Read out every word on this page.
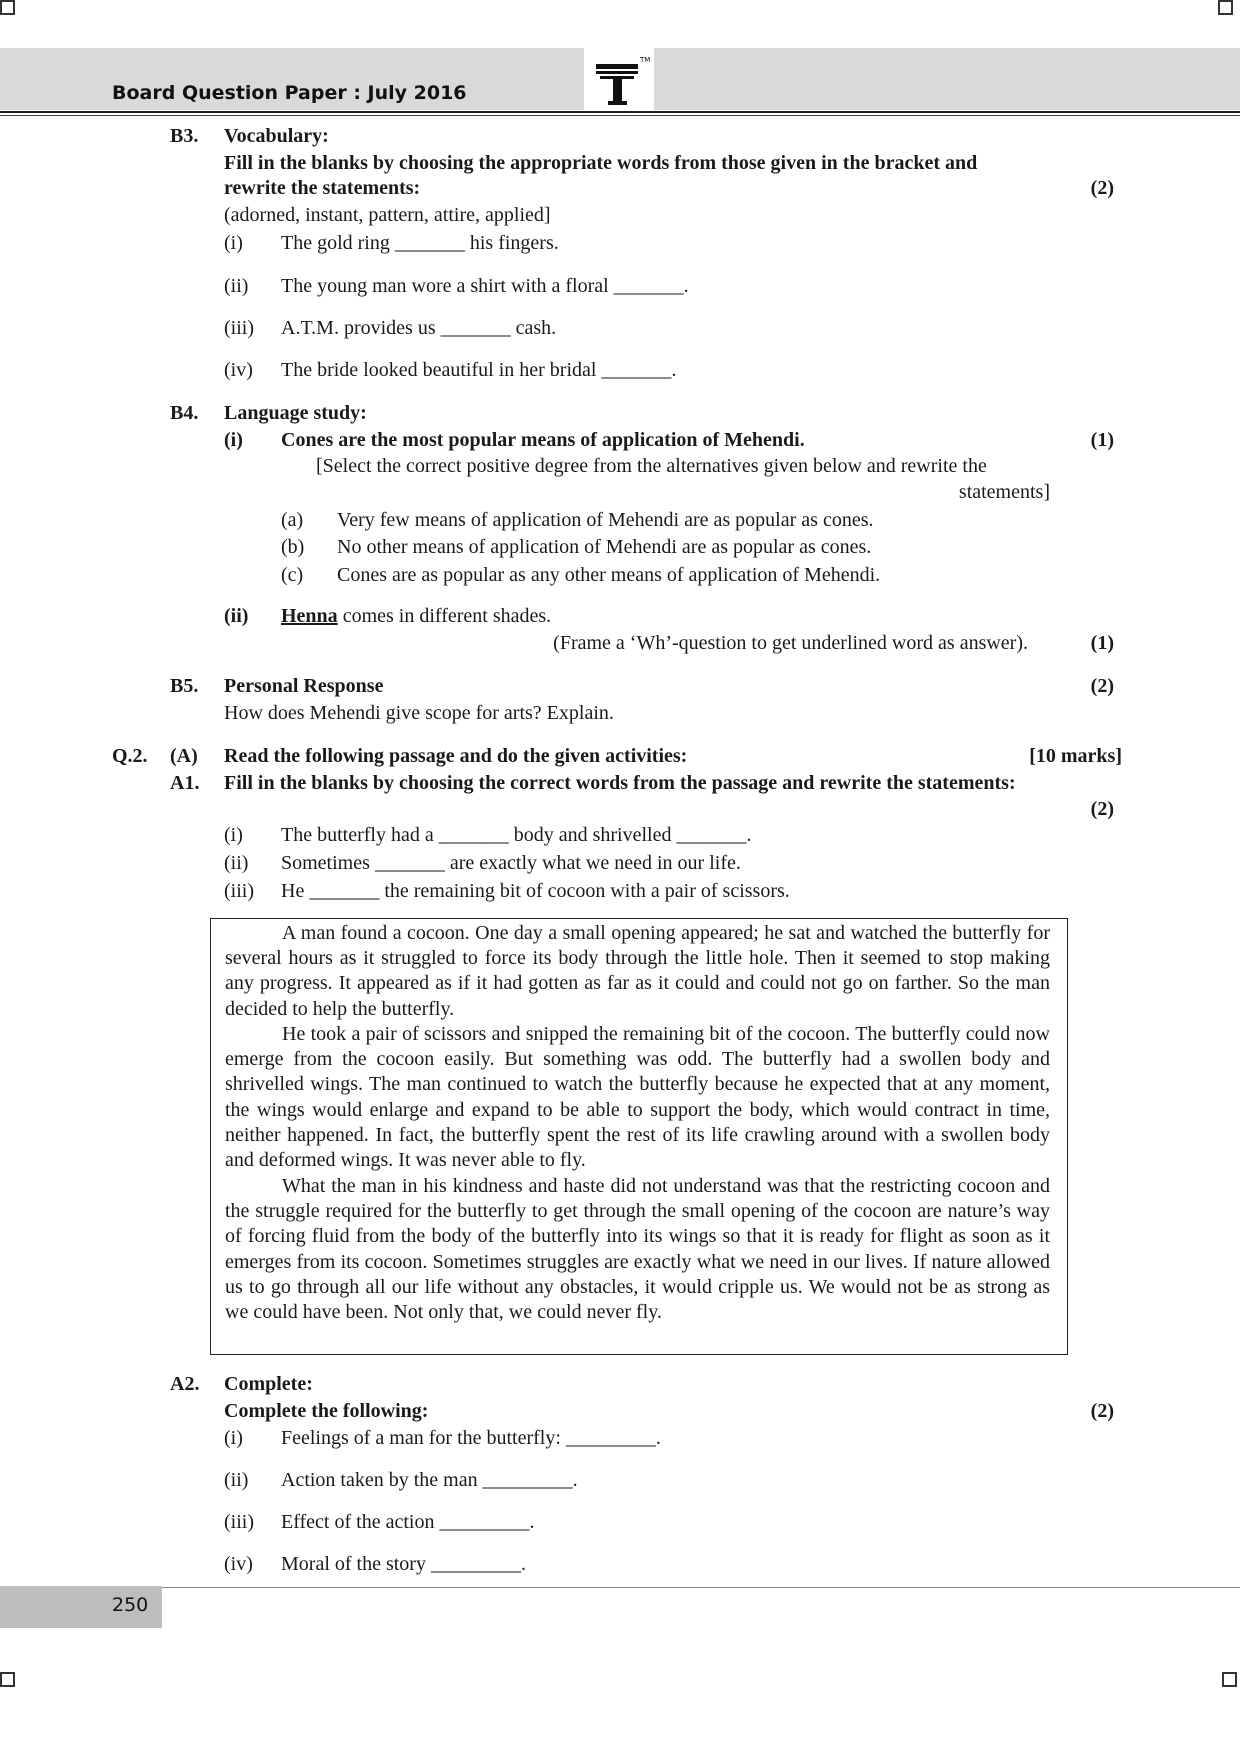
Board Question Paper : July 2016
TM
B3. Vocabulary:
Fill in the blanks by choosing the appropriate words from those given in the bracket and
rewrite the statements:	(2)
(adorned, instant, pattern, attire, applied]
(i) The gold ring _______ his fingers.
(ii) The young man wore a shirt with a floral _______.
(iii) A.T.M. provides us _______ cash.
(iv) The bride looked beautiful in her bridal _______.
B4. Language study:
(i) Cones are the most popular means of application of Mehendi.	(1)
[Select the correct positive degree from the alternatives given below and rewrite the
statements]
(a) Very few means of application of Mehendi are as popular as cones.
(b) No other means of application of Mehendi are as popular as cones.
(c) Cones are as popular as any other means of application of Mehendi.
(ii) Henna comes in different shades.
(Frame a ‘Wh’-question to get underlined word as answer).	(1)
B5. Personal Response	(2)
How does Mehendi give scope for arts? Explain.
Q.2. (A) Read the following passage and do the given activities:	[10 marks]
A1. Fill in the blanks by choosing the correct words from the passage and rewrite the statements:
(2)
(i) The butterfly had a _______ body and shrivelled _______.
(ii) Sometimes _______ are exactly what we need in our life.
(iii) He _______ the remaining bit of cocoon with a pair of scissors.
A man found a cocoon. One day a small opening appeared; he sat and watched the butterfly for several hours as it struggled to force its body through the little hole. Then it seemed to stop making any progress. It appeared as if it had gotten as far as it could and could not go on farther. So the man decided to help the butterfly.
He took a pair of scissors and snipped the remaining bit of the cocoon. The butterfly could now emerge from the cocoon easily. But something was odd. The butterfly had a swollen body and shrivelled wings. The man continued to watch the butterfly because he expected that at any moment, the wings would enlarge and expand to be able to support the body, which would contract in time, neither happened. In fact, the butterfly spent the rest of its life crawling around with a swollen body and deformed wings. It was never able to fly.
What the man in his kindness and haste did not understand was that the restricting cocoon and the struggle required for the butterfly to get through the small opening of the cocoon are nature’s way of forcing fluid from the body of the butterfly into its wings so that it is ready for flight as soon as it emerges from its cocoon. Sometimes struggles are exactly what we need in our lives. If nature allowed us to go through all our life without any obstacles, it would cripple us. We would not be as strong as we could have been. Not only that, we could never fly.
A2. Complete:
Complete the following:	(2)
(i) Feelings of a man for the butterfly: _________.
(ii) Action taken by the man _________.
(iii) Effect of the action _________.
(iv) Moral of the story _________.
250
